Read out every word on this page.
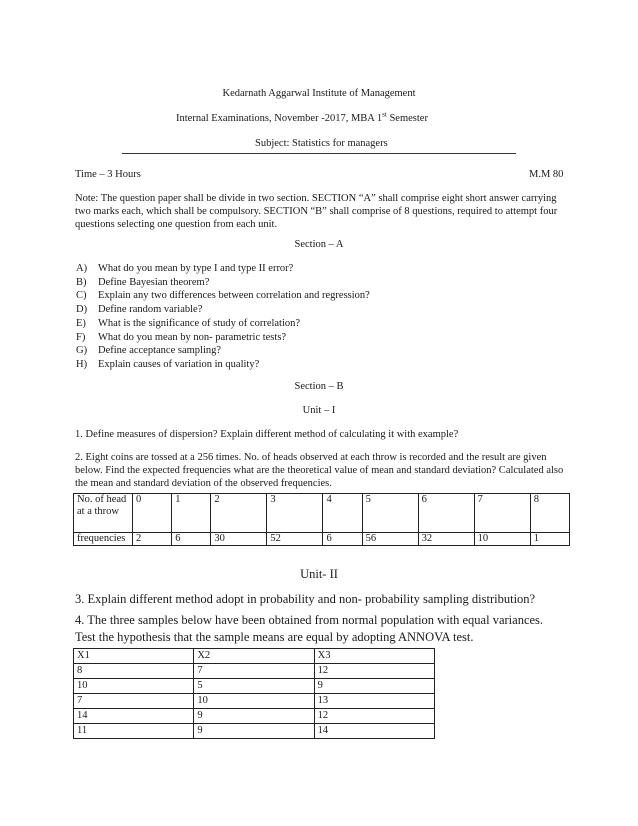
Kedarnath Aggarwal Institute of Management
Internal Examinations, November -2017, MBA 1st Semester
Subject: Statistics for managers
Time – 3 Hours	M.M 80
Note: The question paper shall be divide in two section. SECTION “A” shall comprise eight short answer carrying two marks each, which shall be compulsory. SECTION “B” shall comprise of 8 questions, required to attempt four questions selecting one question from each unit.
Section – A
A)	What do you mean by type I and type II error?
B)	Define Bayesian theorem?
C)	Explain any two differences between correlation and regression?
D)	Define random variable?
E)	What is the significance of study of correlation?
F)	What do you mean by non- parametric tests?
G)	Define acceptance sampling?
H)	Explain causes of variation in quality?
Section – B
Unit – I
1. Define measures of dispersion? Explain different method of calculating it with example?
2. Eight coins are tossed at a 256 times. No. of heads observed at each throw is recorded and the result are given below. Find the expected frequencies what are the theoretical value of mean and standard deviation? Calculated also the mean and standard deviation of the observed frequencies.
No. of head at a throw	0	1	2	3	4	5	6	7	8
frequencies	2	6	30	52	6	56	32	10	1
Unit- II
3. Explain different method adopt in probability and non- probability sampling distribution?
4. The three samples below have been obtained from normal population with equal variances. Test the hypothesis that the sample means are equal by adopting ANNOVA test.
X1	X2	X3
8	7	12
10	5	9
7	10	13
14	9	12
11	9	14
